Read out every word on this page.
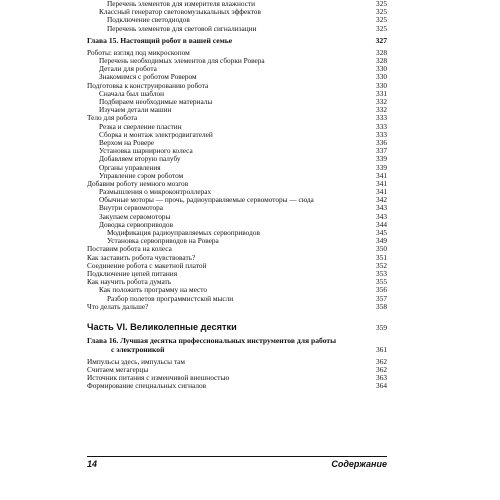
Перечень элементов для измерителя влажности	325
Классный генератор световомузыкальных эффектов	325
Подключение светодиодов	325
Перечень элементов для световой сигнализации	325
Глава 15. Настоящий робот в вашей семье	327
Роботы: взгляд под микроскопом	328
Перечень необходимых элементов для сборки Ровера	328
Детали для робота	330
Знакомимся с роботом Ровером	330
Подготовка к конструированию робота	330
Сначала был шаблон	331
Подбираем необходимые материалы	332
Изучаем детали машин	332
Тело для робота	333
Резка и сверление пластин	333
Сборка и монтаж электродвигателей	333
Верхом на Ровере	336
Установка шарнирного колеса	337
Добавляем вторую палубу	339
Органы управления	339
Управление сэром роботом	341
Добавим роботу немного мозгов	341
Размышления о микроконтроллерах	341
Обычные моторы — прочь, радиоуправляемые сервомоторы — сюда	342
Внутри сервомотора	343
Закупаем сервомоторы	343
Доводка сервоприводов	344
Модификация радиоуправляемых сервоприводов	345
Установка сервоприводов на Ровера	349
Поставим робота на колеса	350
Как заставить робота чувствовать?	351
Соединение робота с макетной платой	352
Подключение цепей питания	353
Как научить робота думать	355
Как положить программу на место	356
Разбор полетов программистской мысли	357
Что делать дальше?	358
Часть VI. Великолепные десятки	359
Глава 16. Лучшая десятка профессиональных инструментов для работы
с электроникой	361
Импульсы здесь, импульсы там	362
Считаем мегагерцы	362
Источник питания с изменчивой внешностью	363
Формирование специальных сигналов	364
14	Содержание
